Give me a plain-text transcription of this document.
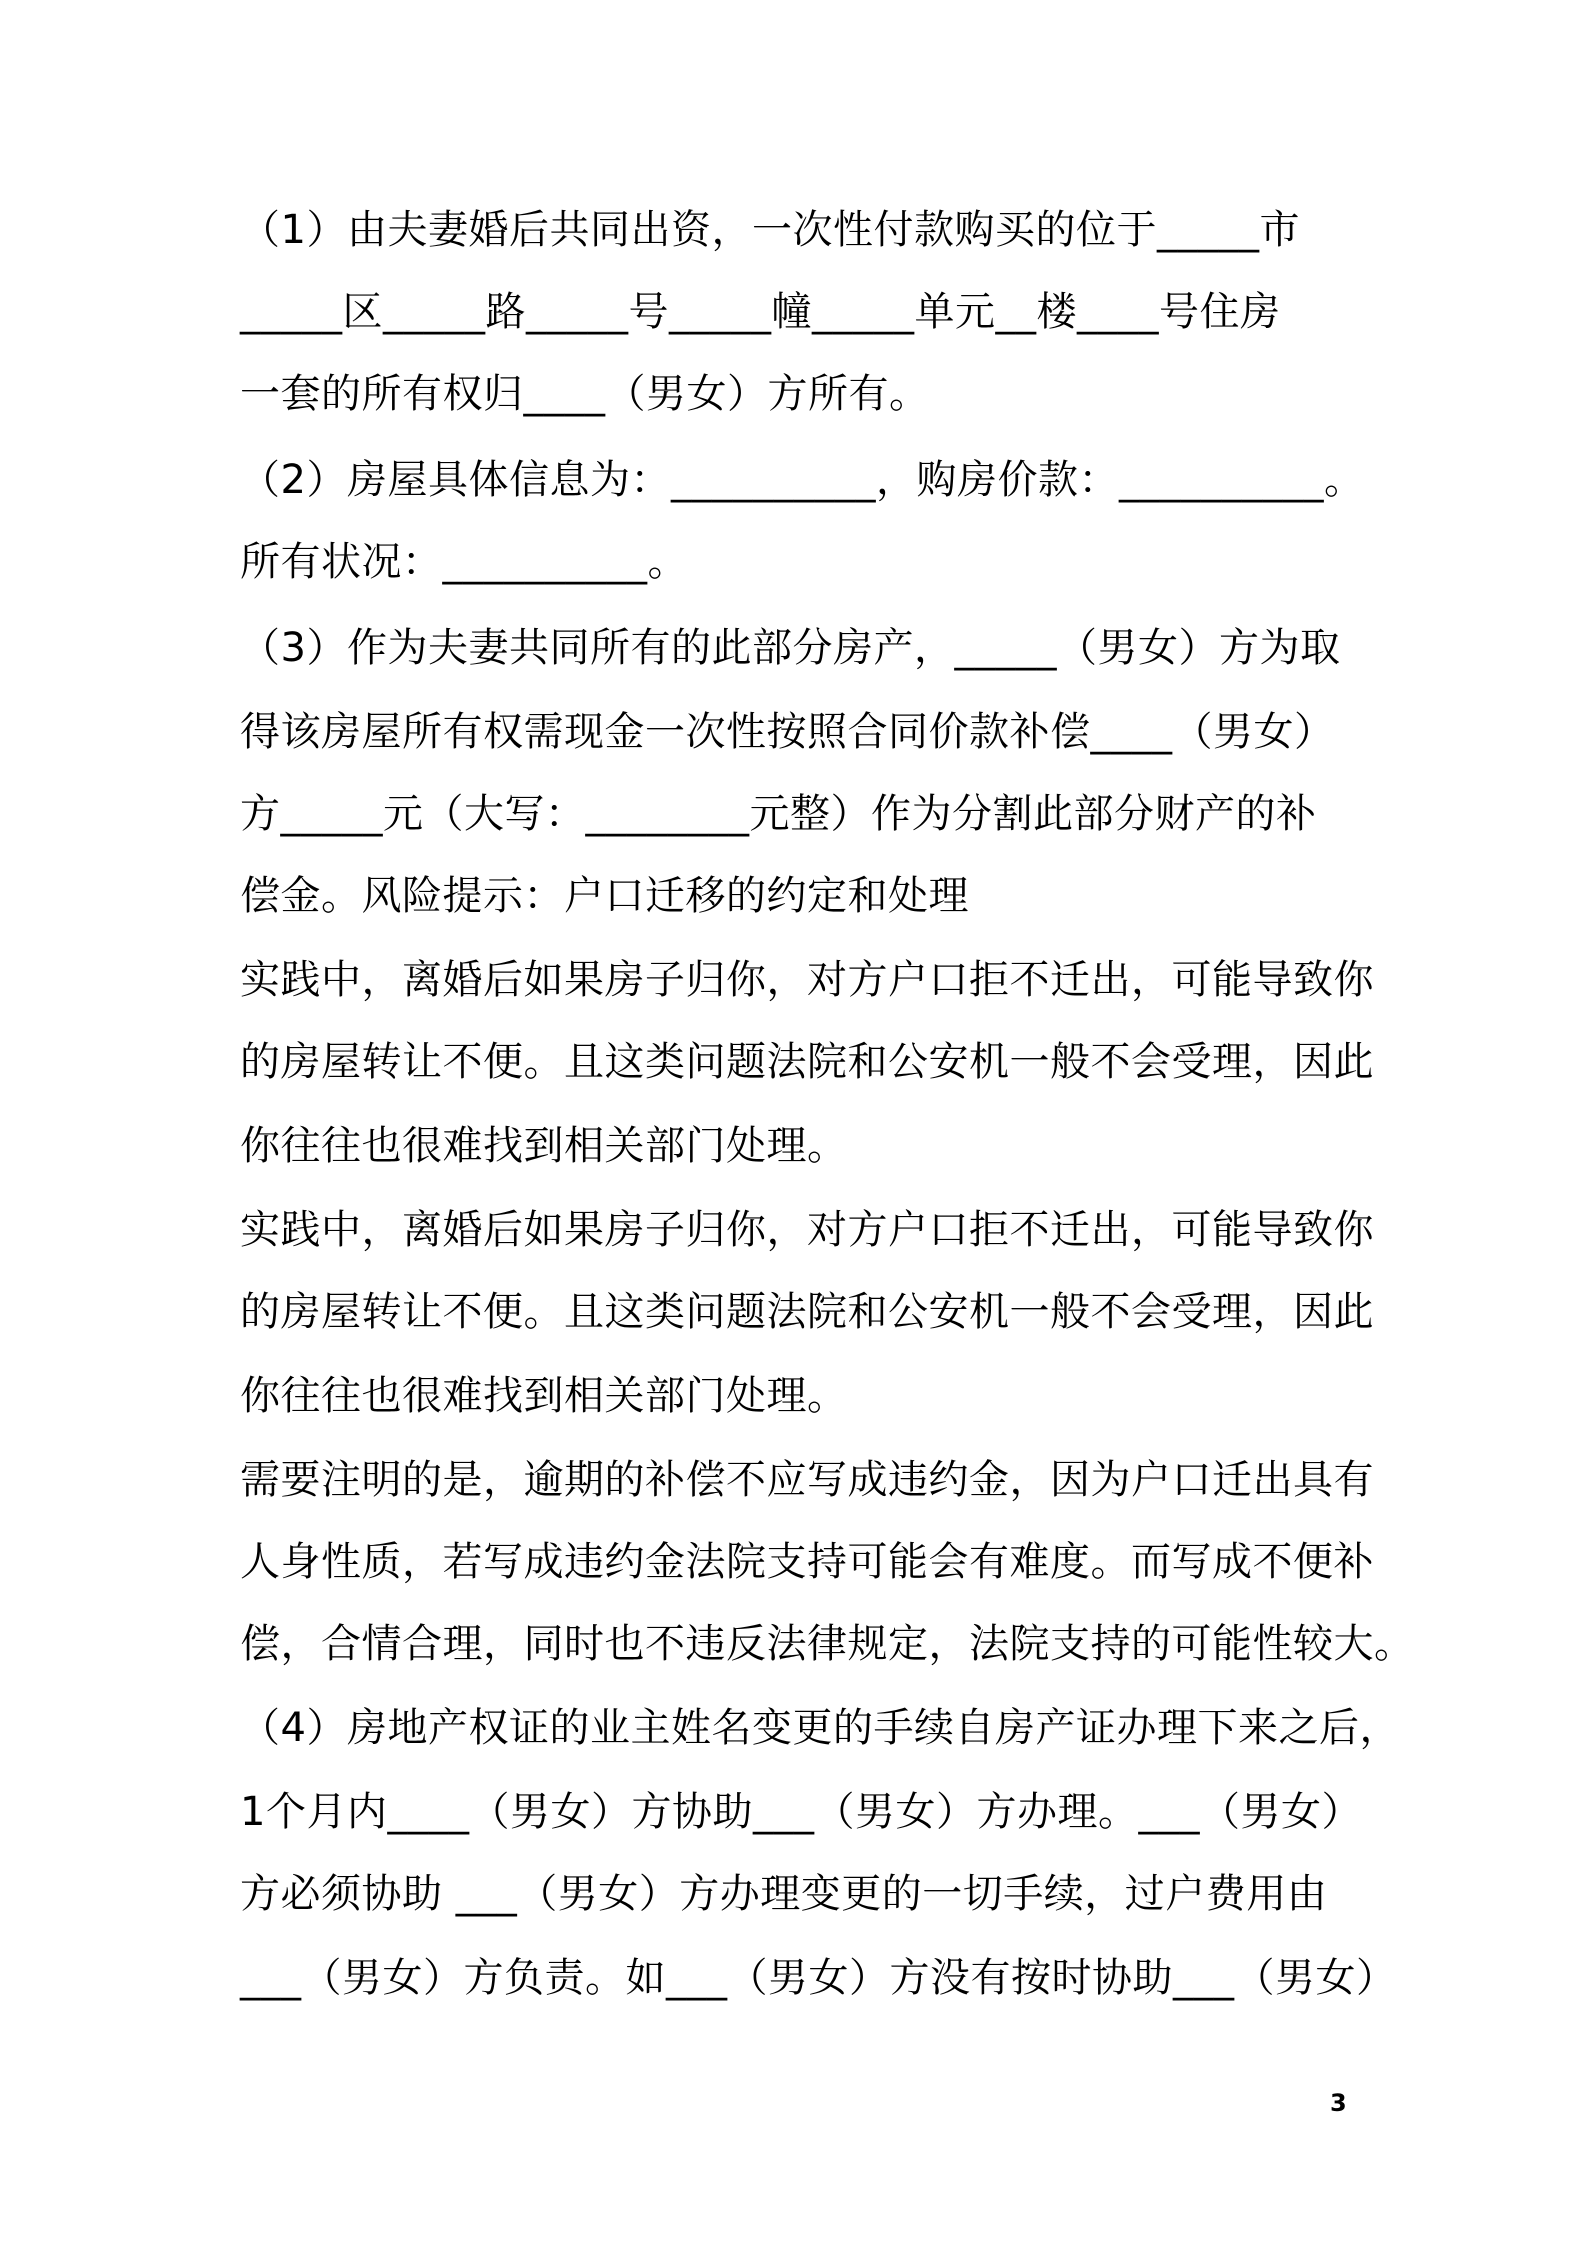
（1）由夫妻婚后共同出资，一次性付款购买的位于_____市
_____区_____路_____号_____幢_____单元__楼____号住房
一套的所有权归____（男女）方所有。
（2）房屋具体信息为：__________，购房价款：__________。
所有状况：__________。
（3）作为夫妻共同所有的此部分房产，_____（男女）方为取
得该房屋所有权需现金一次性按照合同价款补偿____（男女）
方_____元（大写：________元整）作为分割此部分财产的补
偿金。风险提示：户口迁移的约定和处理
实践中，离婚后如果房子归你，对方户口拒不迁出，可能导致你
的房屋转让不便。且这类问题法院和公安机一般不会受理，因此
你往往也很难找到相关部门处理。
实践中，离婚后如果房子归你，对方户口拒不迁出，可能导致你
的房屋转让不便。且这类问题法院和公安机一般不会受理，因此
你往往也很难找到相关部门处理。
需要注明的是，逾期的补偿不应写成违约金，因为户口迁出具有
人身性质，若写成违约金法院支持可能会有难度。而写成不便补
偿，合情合理，同时也不违反法律规定，法院支持的可能性较大。
（4）房地产权证的业主姓名变更的手续自房产证办理下来之后，
1个月内____（男女）方协助___（男女）方办理。___（男女）
方必须协助 ___（男女）方办理变更的一切手续，过户费用由
___（男女）方负责。如___（男女）方没有按时协助___（男女）
3
